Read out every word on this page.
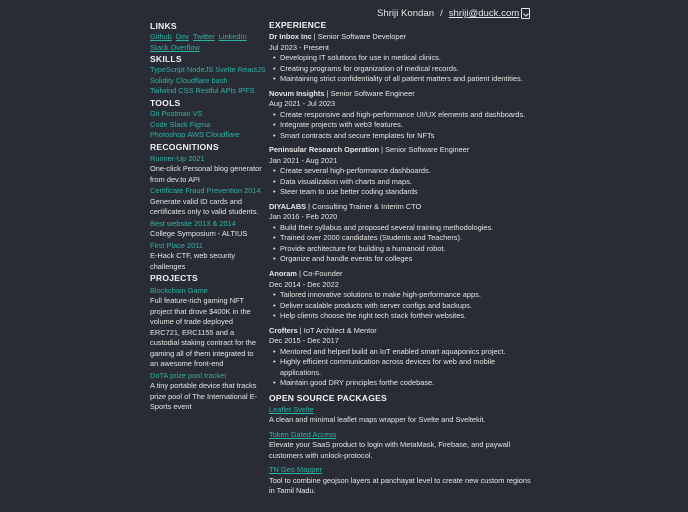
Shriji Kondan / shriji@duck.com
LINKS
Github Dev Twitter LinkedIn
Stack Overflow
SKILLS
TypeScript NodeJS Svelte ReactJS
Solidity Cloudflare bash
Tailwind CSS Restful APIs IPFS
TOOLS
Git Postman VS Code Slack Figma
Photoshop AWS Cloudflare
RECOGNITIONS
Runner-Up 2021
One-click Personal blog generator from dev.to API
Certificate Fraud Prevention 2014
Generate valid ID cards and certificates only to valid students.
Best website 2013 & 2014
College Symposium - ALTIUS
First Place 2011
E-Hack CTF, web security challenges
PROJECTS
Blockchain Game
Full feature-rich gaming NFT project that drove $400K in the volume of trade deployed ERC721, ERC1155 and a custodial staking contract for the gaming all of them integrated to an awesome front-end
DoTA prize pool tracker
A tiny portable device that tracks prize pool of The International E-Sports event
EXPERIENCE
Dr Inbox Inc | Senior Software Developer
Jul 2023 - Present
• Developing IT solutions for use in medical clinics.
• Creating programs for organization of medical records.
• Maintaining strict confidentiality of all patient matters and patient identities.
Novum Insights | Senior Software Engineer
Aug 2021 - Jul 2023
• Create responsive and high-performance UI/UX elements and dashboards.
• Integrate projects with web3 features.
• Smart contracts and secure templates for NFTs
Peninsular Research Operation | Senior Software Engineer
Jan 2021 - Aug 2021
• Create several high-performance dashboards.
• Data visualization with charts and maps.
• Steer team to use better coding standards
DIYALABS | Consulting Trainer & Interim CTO
Jan 2016 - Feb 2020
• Build their syllabus and proposed several training methodologies.
• Trained over 2000 candidates (Students and Teachers).
• Provide architecture for building a humanoid robot.
• Organize and handle events for colleges
Anoram | Co-Founder
Dec 2014 - Dec 2022
• Tailored innovative solutions to make high-performance apps.
• Deliver scalable products with server configs and backups.
• Help clients choose the right tech stack fortheir websites.
Crofters | IoT Architect & Mentor
Dec 2015 - Dec 2017
• Mentored and helped build an IoT enabled smart aquaponics project.
• Highly efficient communication across devices for web and mobile applications.
• Maintain good DRY principles forthe codebase.
OPEN SOURCE PACKAGES
Leaflet Svelte
A clean and minimal leaflet maps wrapper for Svelte and Sveltekit.
Token Gated Access
Elevate your SaaS product to login with MetaMask, Firebase, and paywall customers with unlock-protocol.
TN Geo Mapper
Tool to combine geojson layers at panchayat level to create new custom regions in Tamil Nadu.
